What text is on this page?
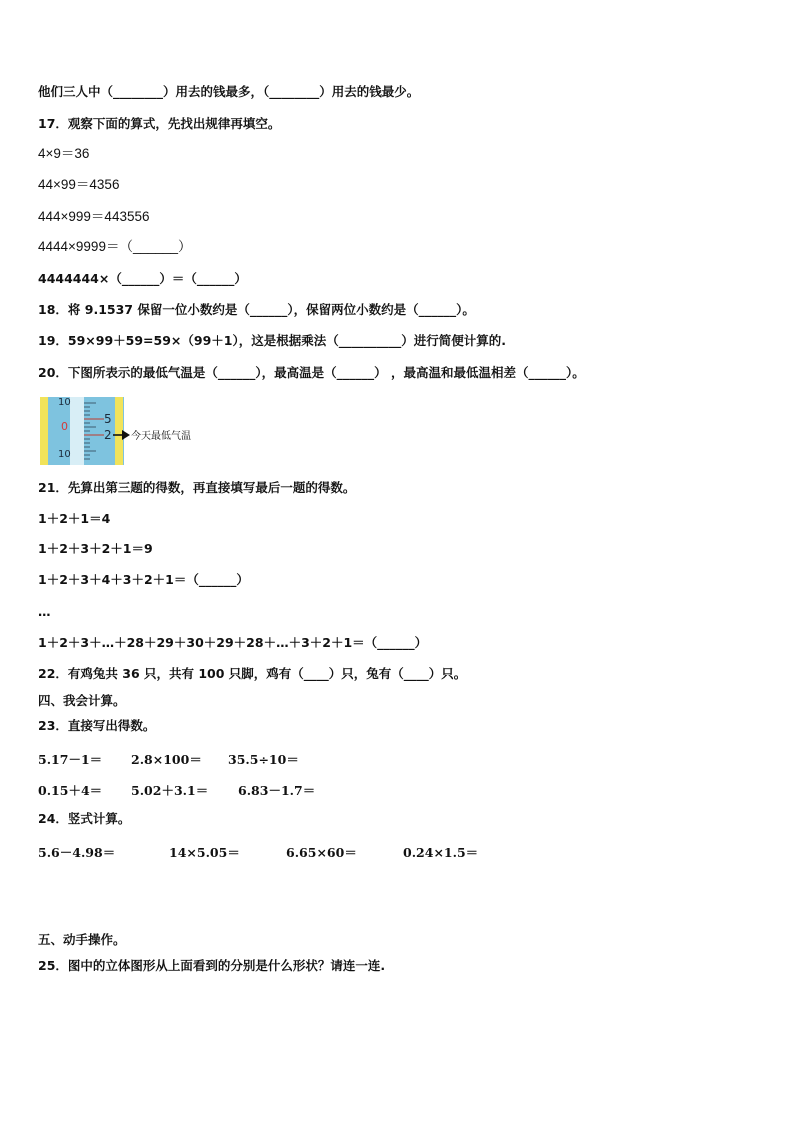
他们三人中（________）用去的钱最多，（________）用去的钱最少。
17．观察下面的算式，先找出规律再填空。
4×9＝36
44×99＝4356
444×999＝443556
4444×9999＝（______）
4444444×（______）＝（______）
18．将 9.1537 保留一位小数约是（______），保留两位小数约是（______）。
19．59×99＋59=59×（99＋1），这是根据乘法（__________）进行简便计算的.
20．下图所表示的最低气温是（______），最高温是（______） ，最高温和最低温相差（______）。
10
0
10
5
2 今天最低气温
21．先算出第三题的得数，再直接填写最后一题的得数。
1＋2＋1＝4
1＋2＋3＋2＋1＝9
1＋2＋3＋4＋3＋2＋1＝（______）
…
1＋2＋3＋…＋28＋29＋30＋29＋28＋…＋3＋2＋1＝（______）
22．有鸡兔共 36 只，共有 100 只脚，鸡有（____）只，兔有（____）只。
四、我会计算。
23．直接写出得数。
5.17－1＝ 2.8×100＝ 35.5÷10＝
0.15＋4＝ 5.02＋3.1＝ 6.83－1.7＝
24．竖式计算。
5.6－4.98＝	14×5.05＝	6.65×60＝	0.24×1.5＝
五、动手操作。
25．图中的立体图形从上面看到的分别是什么形状？请连一连.
